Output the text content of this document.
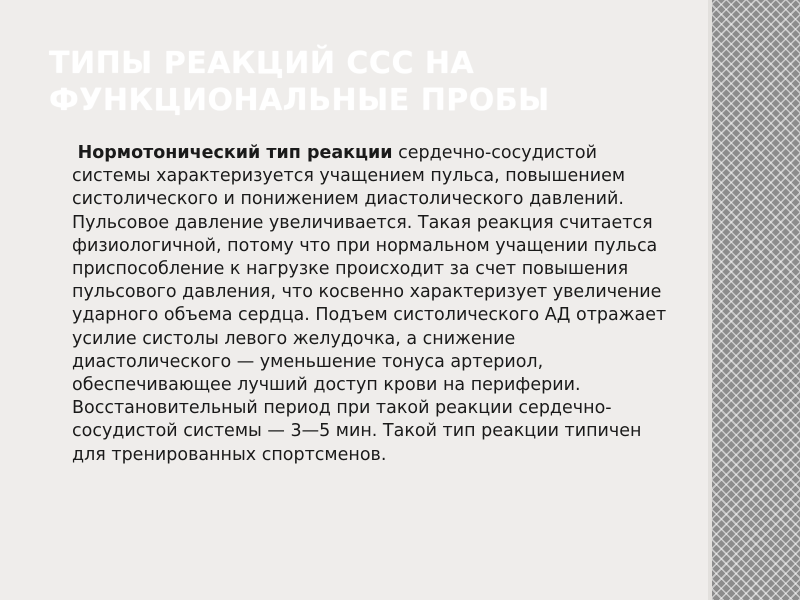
ТИПЫ РЕАКЦИЙ ССС НА ФУНКЦИОНАЛЬНЫЕ ПРОБЫ

Нормотонический тип реакции сердечно-сосудистой системы характеризуется учащением пульса, повышением систолического и понижением диастолического давлений. Пульсовое давление увеличивается. Такая реакция считается физиологичной, потому что при нормальном учащении пульса приспособление к нагрузке происходит за счет повышения пульсового давления, что косвенно характеризует увеличение ударного объема сердца. Подъем систолического АД отражает усилие систолы левого желудочка, а снижение диастолического — уменьшение тонуса артериол, обеспечивающее лучший доступ крови на периферии. Восстановительный период при такой реакции сердечно-сосудистой системы — 3—5 мин. Такой тип реакции типичен для тренированных спортсменов.
